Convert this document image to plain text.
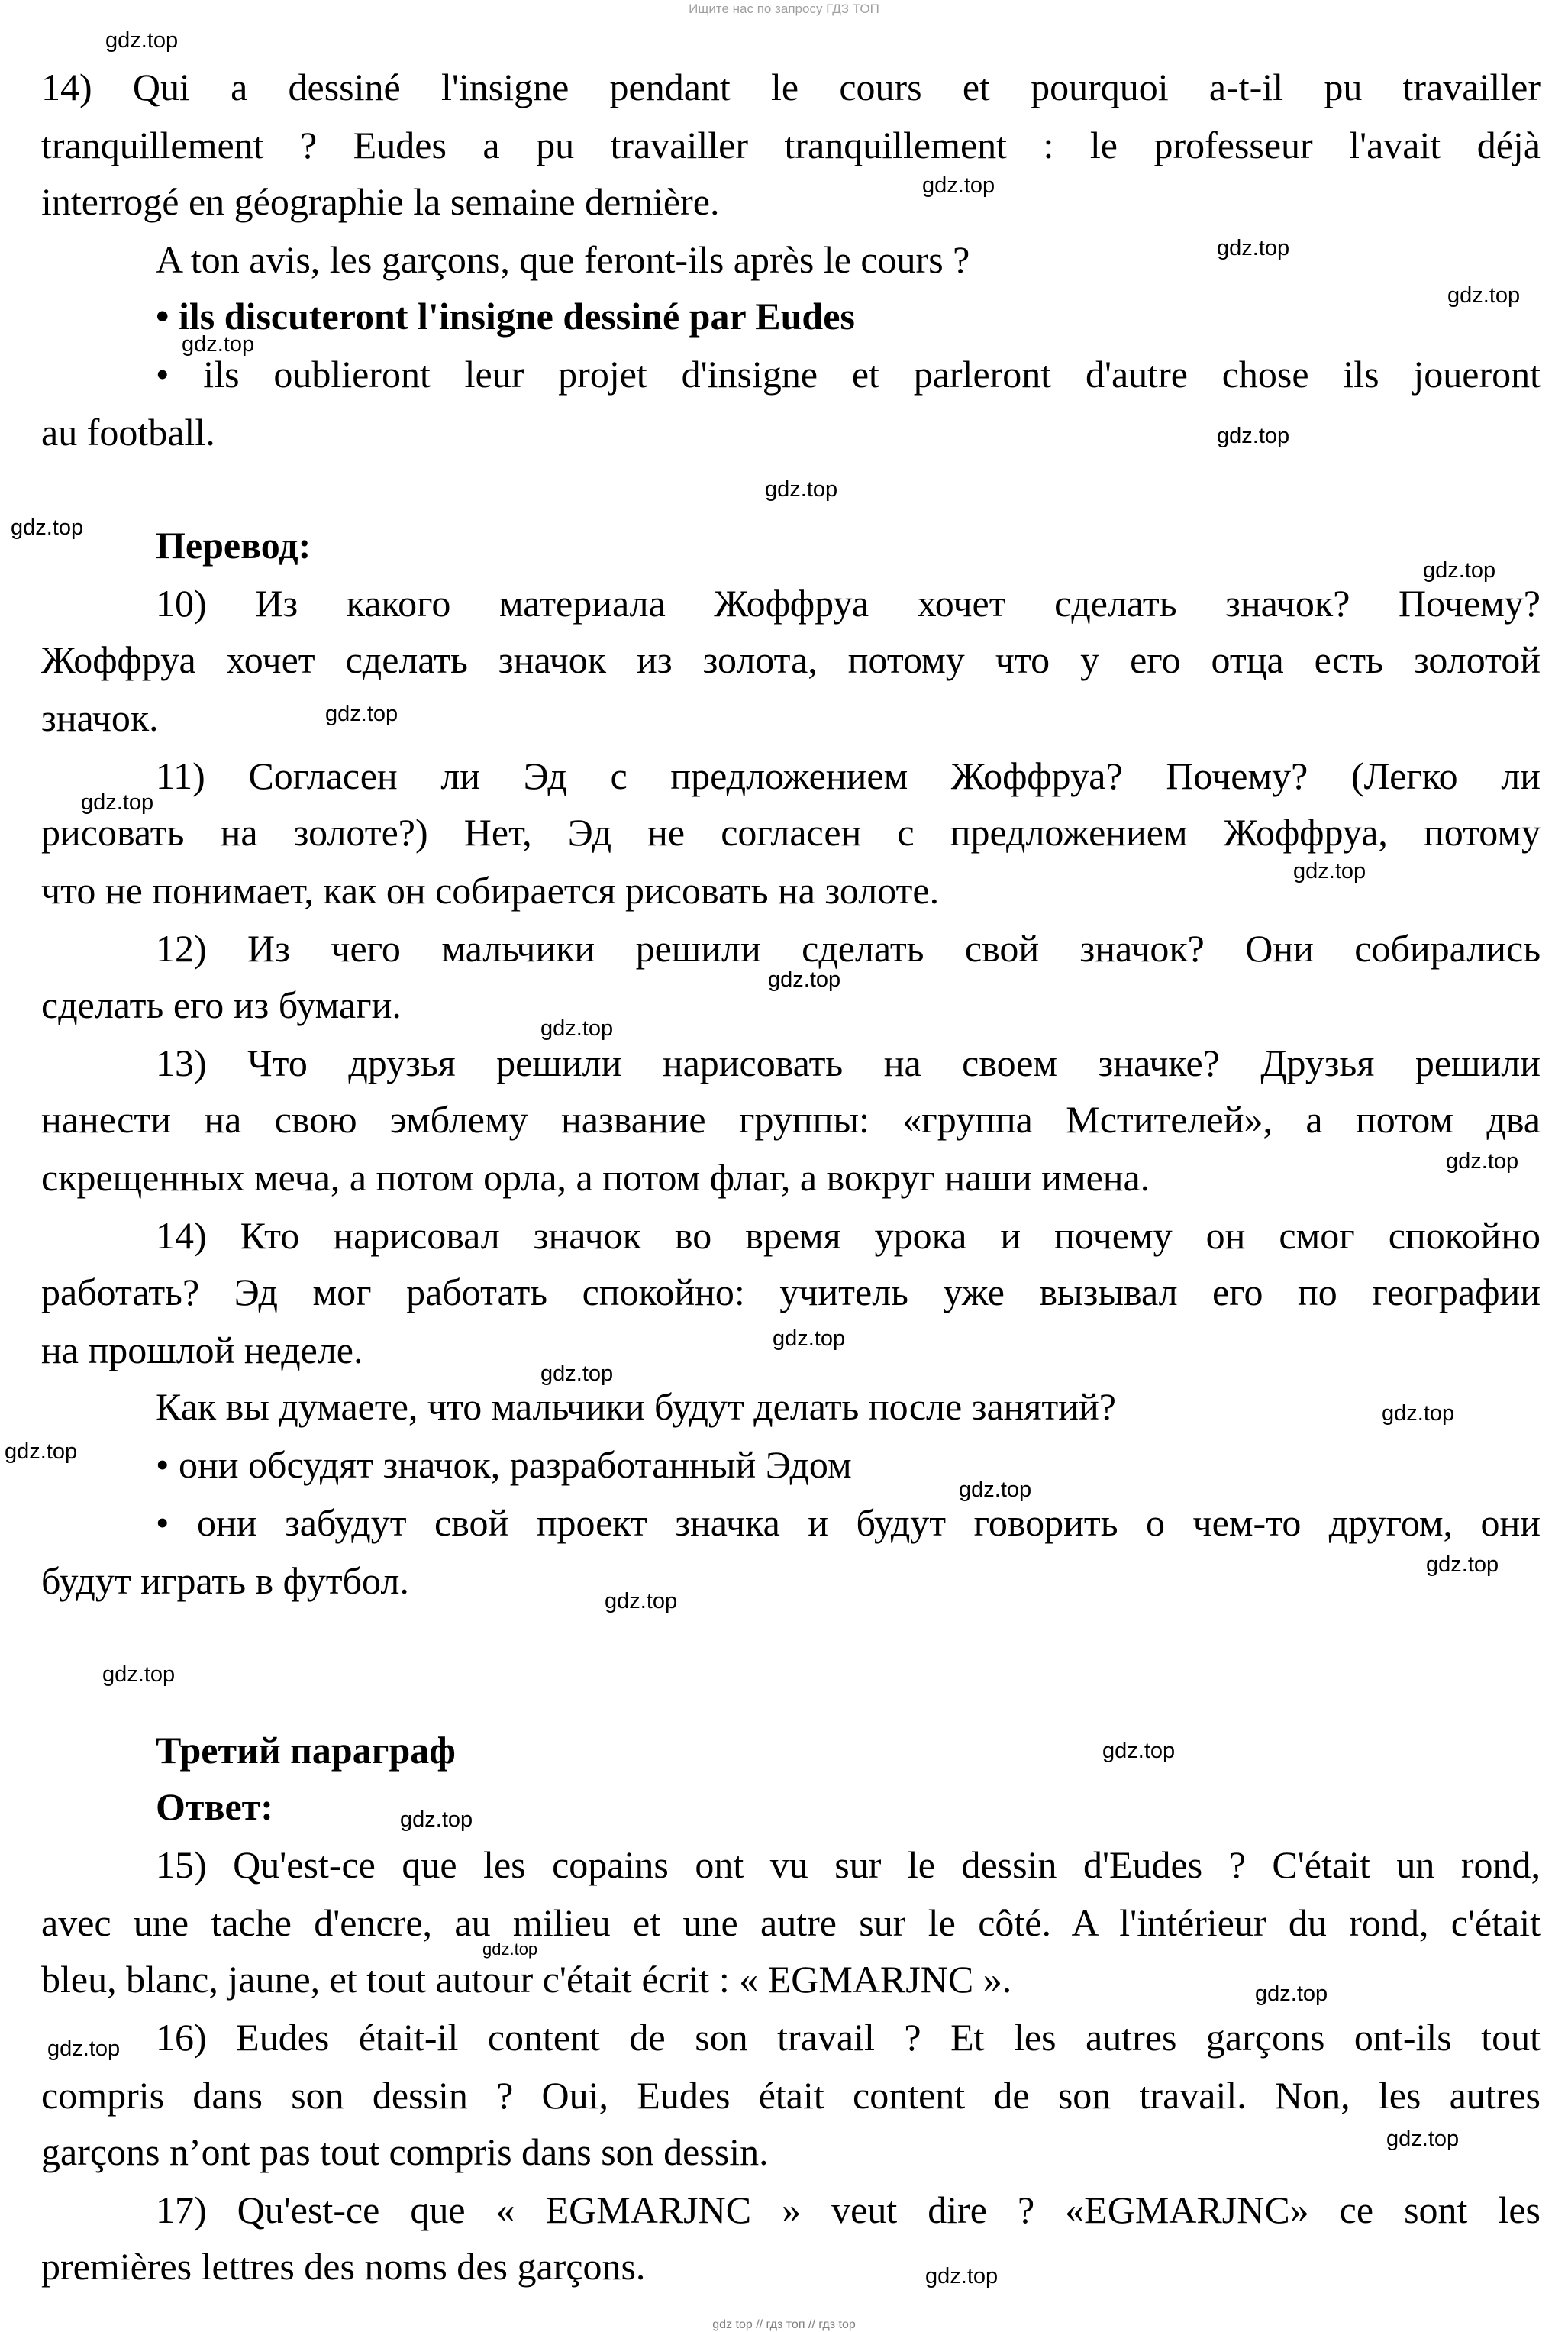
Ищите нас по запросу ГДЗ ТОП
14) Qui a dessiné l'insigne pendant le cours et pourquoi a-t-il pu travailler
tranquillement ? Eudes a pu travailler tranquillement : le professeur l'avait déjà
interrogé en géographie la semaine dernière.
A ton avis, les garçons, que feront-ils après le cours ?
• ils discuteront l'insigne dessiné par Eudes
• ils oublieront leur projet d'insigne et parleront d'autre chose ils joueront
au football.
Перевод:
10) Из какого материала Жоффруа хочет сделать значок? Почему?
Жоффруа хочет сделать значок из золота, потому что у его отца есть золотой
значок.
11) Согласен ли Эд с предложением Жоффруа? Почему? (Легко ли
рисовать на золоте?) Нет, Эд не согласен с предложением Жоффруа, потому
что не понимает, как он собирается рисовать на золоте.
12) Из чего мальчики решили сделать свой значок? Они собирались
сделать его из бумаги.
13) Что друзья решили нарисовать на своем значке? Друзья решили
нанести на свою эмблему название группы: «группа Мстителей», а потом два
скрещенных меча, а потом орла, а потом флаг, а вокруг наши имена.
14) Кто нарисовал значок во время урока и почему он смог спокойно
работать? Эд мог работать спокойно: учитель уже вызывал его по географии
на прошлой неделе.
Как вы думаете, что мальчики будут делать после занятий?
• они обсудят значок, разработанный Эдом
• они забудут свой проект значка и будут говорить о чем-то другом, они
будут играть в футбол.
Третий параграф
Ответ:
15) Qu'est-ce que les copains ont vu sur le dessin d'Eudes ? C'était un rond,
avec une tache d'encre, au milieu et une autre sur le côté. A l'intérieur du rond, c'était
bleu, blanc, jaune, et tout autour c'était écrit : « EGMARJNC ».
16) Eudes était-il content de son travail ? Et les autres garçons ont-ils tout
compris dans son dessin ? Oui, Eudes était content de son travail. Non, les autres
garçons n’ont pas tout compris dans son dessin.
17) Qu'est-ce que « EGMARJNC » veut dire ? «EGMARJNC» ce sont les
premières lettres des noms des garçons.
gdz.top
gdz.top
gdz.top
gdz.top
gdz.top
gdz.top
gdz.top
gdz.top
gdz.top
gdz.top
gdz.top
gdz.top
gdz.top
gdz.top
gdz.top
gdz.top
gdz.top
gdz.top
gdz.top
gdz.top
gdz.top
gdz.top
gdz.top
gdz.top
gdz.top
gdz.top
gdz.top
gdz.top
gdz.top
gdz.top
gdz top // гдз топ // гдз top
